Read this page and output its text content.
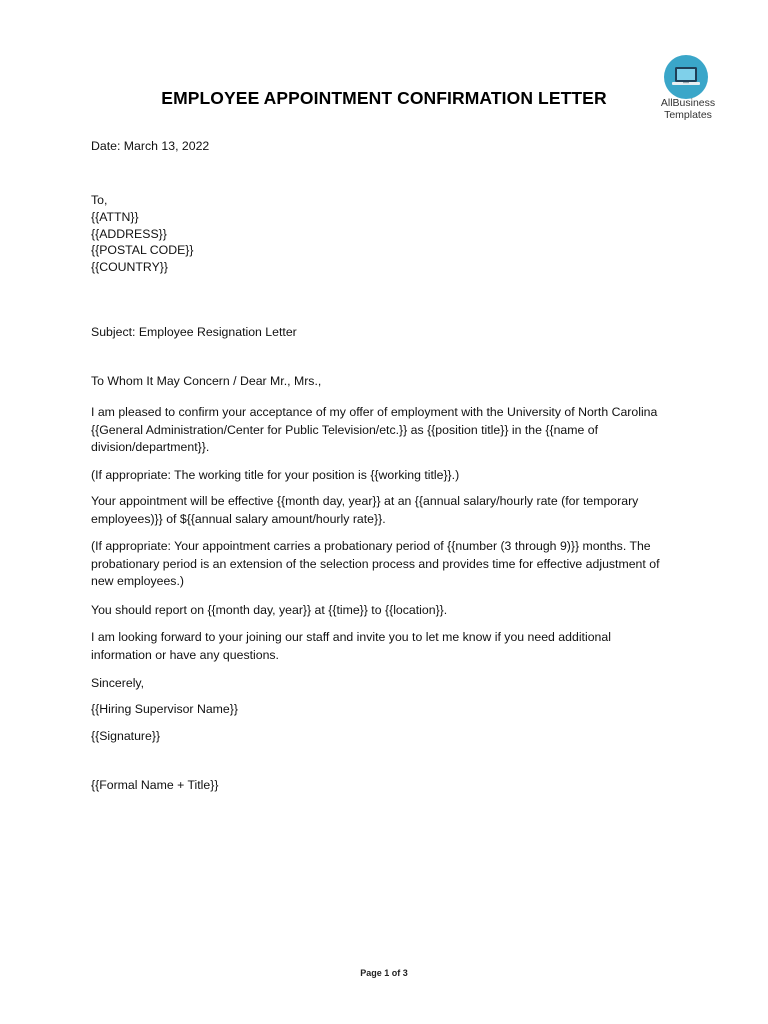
AllBusiness
Templates
EMPLOYEE APPOINTMENT CONFIRMATION LETTER
Date: March 13, 2022
To,
{{ATTN}}
{{ADDRESS}}
{{POSTAL CODE}}
{{COUNTRY}}
Subject: Employee Resignation Letter
To Whom It May Concern / Dear Mr., Mrs.,
I am pleased to confirm your acceptance of my offer of employment with the University of North Carolina {{General Administration/Center for Public Television/etc.}} as {{position title}} in the {{name of division/department}}.
(If appropriate: The working title for your position is {{working title}}.)
Your appointment will be effective {{month day, year}} at an {{annual salary/hourly rate (for temporary employees)}} of ${{annual salary amount/hourly rate}}.
(If appropriate: Your appointment carries a probationary period of {{number (3 through 9)}} months. The probationary period is an extension of the selection process and provides time for effective adjustment of new employees.)
You should report on {{month day, year}} at {{time}} to {{location}}.
I am looking forward to your joining our staff and invite you to let me know if you need additional information or have any questions.
Sincerely,
{{Hiring Supervisor Name}}
{{Signature}}
{{Formal Name + Title}}
Page 1 of 3
